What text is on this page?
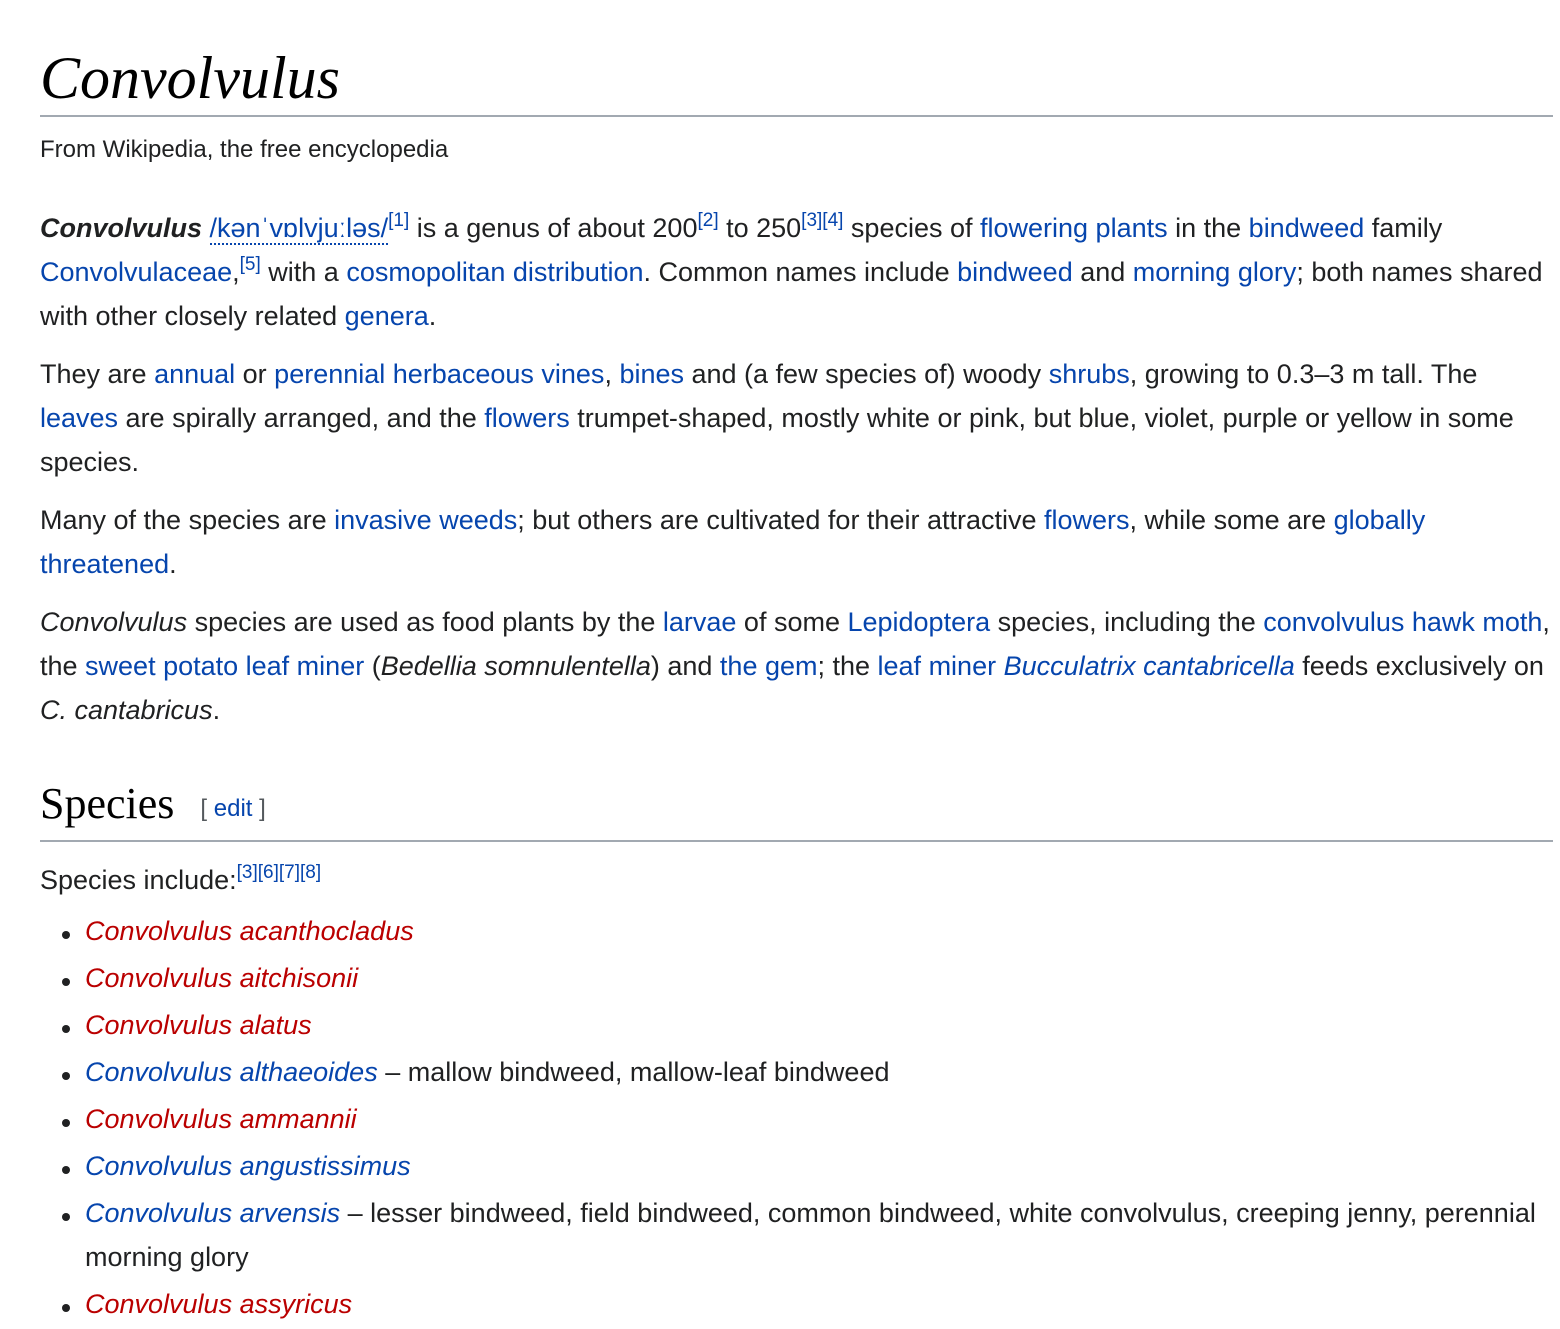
Convolvulus
From Wikipedia, the free encyclopedia

Convolvulus /kənˈvɒlvjuːləs/[1] is a genus of about 200[2] to 250[3][4] species of flowering plants in the bindweed family Convolvulaceae,[5] with a cosmopolitan distribution. Common names include bindweed and morning glory; both names shared with other closely related genera.

They are annual or perennial herbaceous vines, bines and (a few species of) woody shrubs, growing to 0.3–3 m tall. The leaves are spirally arranged, and the flowers trumpet-shaped, mostly white or pink, but blue, violet, purple or yellow in some species.

Many of the species are invasive weeds; but others are cultivated for their attractive flowers, while some are globally threatened.

Convolvulus species are used as food plants by the larvae of some Lepidoptera species, including the convolvulus hawk moth, the sweet potato leaf miner (Bedellia somnulentella) and the gem; the leaf miner Bucculatrix cantabricella feeds exclusively on C. cantabricus.

Species [ edit ]
Species include:[3][6][7][8]
Convolvulus acanthocladus
Convolvulus aitchisonii
Convolvulus alatus
Convolvulus althaeoides – mallow bindweed, mallow-leaf bindweed
Convolvulus ammannii
Convolvulus angustissimus
Convolvulus arvensis – lesser bindweed, field bindweed, common bindweed, white convolvulus, creeping jenny, perennial morning glory
Convolvulus assyricus
